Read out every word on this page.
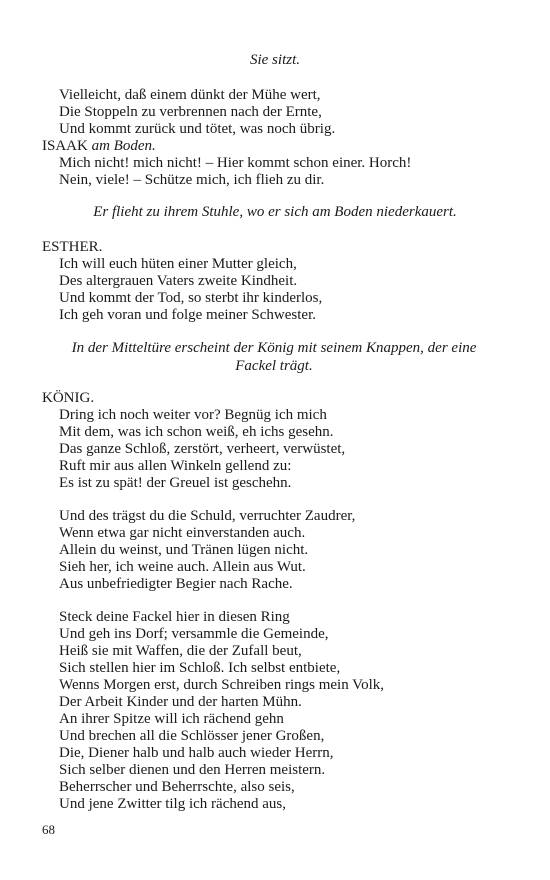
Sie sitzt.
Vielleicht, daß einem dünkt der Mühe wert,
Die Stoppeln zu verbrennen nach der Ernte,
Und kommt zurück und tötet, was noch übrig.
ISAAK am Boden.
Mich nicht! mich nicht! – Hier kommt schon einer. Horch!
Nein, viele! – Schütze mich, ich flieh zu dir.
Er flieht zu ihrem Stuhle, wo er sich am Boden niederkauert.
ESTHER.
Ich will euch hüten einer Mutter gleich,
Des altergrauen Vaters zweite Kindheit.
Und kommt der Tod, so sterbt ihr kinderlos,
Ich geh voran und folge meiner Schwester.
In der Mitteltüre erscheint der König mit seinem Knappen, der eine
Fackel trägt.
KÖNIG.
Dring ich noch weiter vor? Begnüg ich mich
Mit dem, was ich schon weiß, eh ichs gesehn.
Das ganze Schloß, zerstört, verheert, verwüstet,
Ruft mir aus allen Winkeln gellend zu:
Es ist zu spät! der Greuel ist geschehn.
Und des trägst du die Schuld, verruchter Zaudrer,
Wenn etwa gar nicht einverstanden auch.
Allein du weinst, und Tränen lügen nicht.
Sieh her, ich weine auch. Allein aus Wut.
Aus unbefriedigter Begier nach Rache.
Steck deine Fackel hier in diesen Ring
Und geh ins Dorf; versammle die Gemeinde,
Heiß sie mit Waffen, die der Zufall beut,
Sich stellen hier im Schloß. Ich selbst entbiete,
Wenns Morgen erst, durch Schreiben rings mein Volk,
Der Arbeit Kinder und der harten Mühn.
An ihrer Spitze will ich rächend gehn
Und brechen all die Schlösser jener Großen,
Die, Diener halb und halb auch wieder Herrn,
Sich selber dienen und den Herren meistern.
Beherrscher und Beherrschte, also seis,
Und jene Zwitter tilg ich rächend aus,
68
